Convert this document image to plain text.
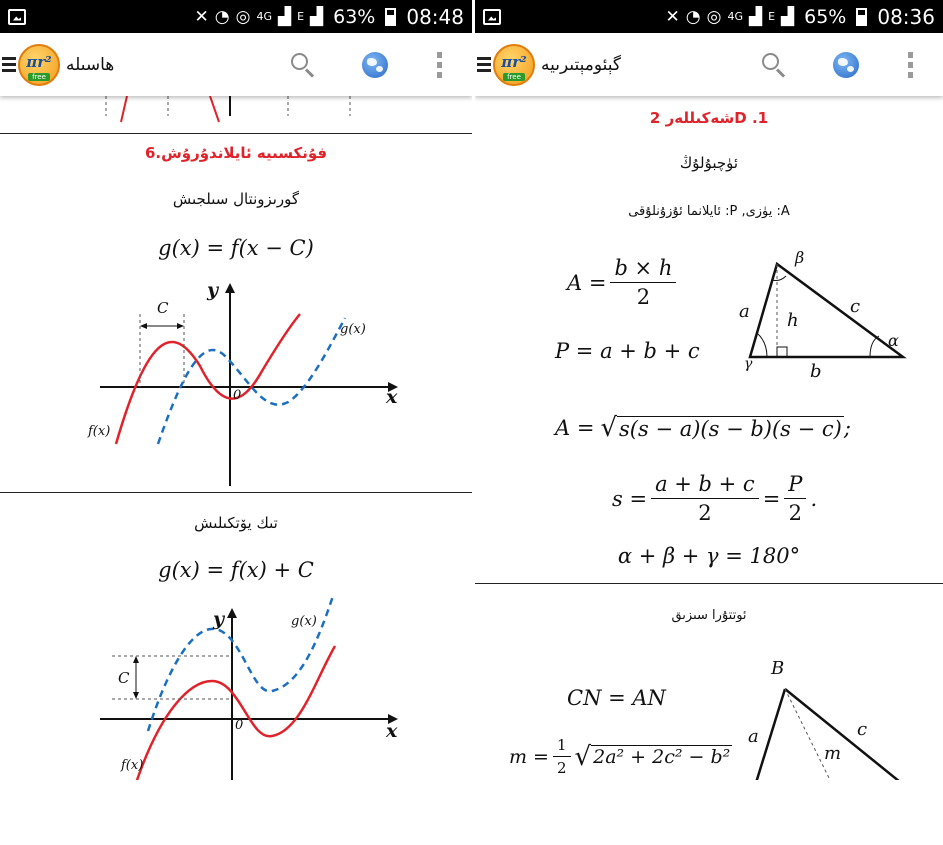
✕ ◔ ◎ 4G ▟ E ▟ 63% 08:48
πr²
free
هاسىلە
فۇنكسىيە ئايلاندۇرۇش.6
گورىزونتال سىلجىش
g(x) = f(x − C)
C
y
x
0
g(x)
f(x)
تىك يۆتكىلىش
g(x) = f(x) + C
C
y
x
0
g(x)
f(x)
✕ ◔ ◎ 4G ▟ E ▟ 65% 08:36
πr²
free
گېئومېتىرىيە
شەكىللەر 2D .1
ئۈچبۇلۇڭ
ئايلانما ئۇزۇنلۇقى :P ,يۈزى :A
$A = \frac{b \times h}{2}$
P = a + b + c
β
a h
c
α
γ	b
A = √ s(s − a)(s − b)(s − c) ;
$s = \frac{a + b + c}{2} = \frac{P}{2}$ .
α + β + γ = 180°
ئوتتۇرا سىزىق
CN = AN
$m = \frac{1}{2}$ √ 2a² + 2c² − b²
B
a	c
m
